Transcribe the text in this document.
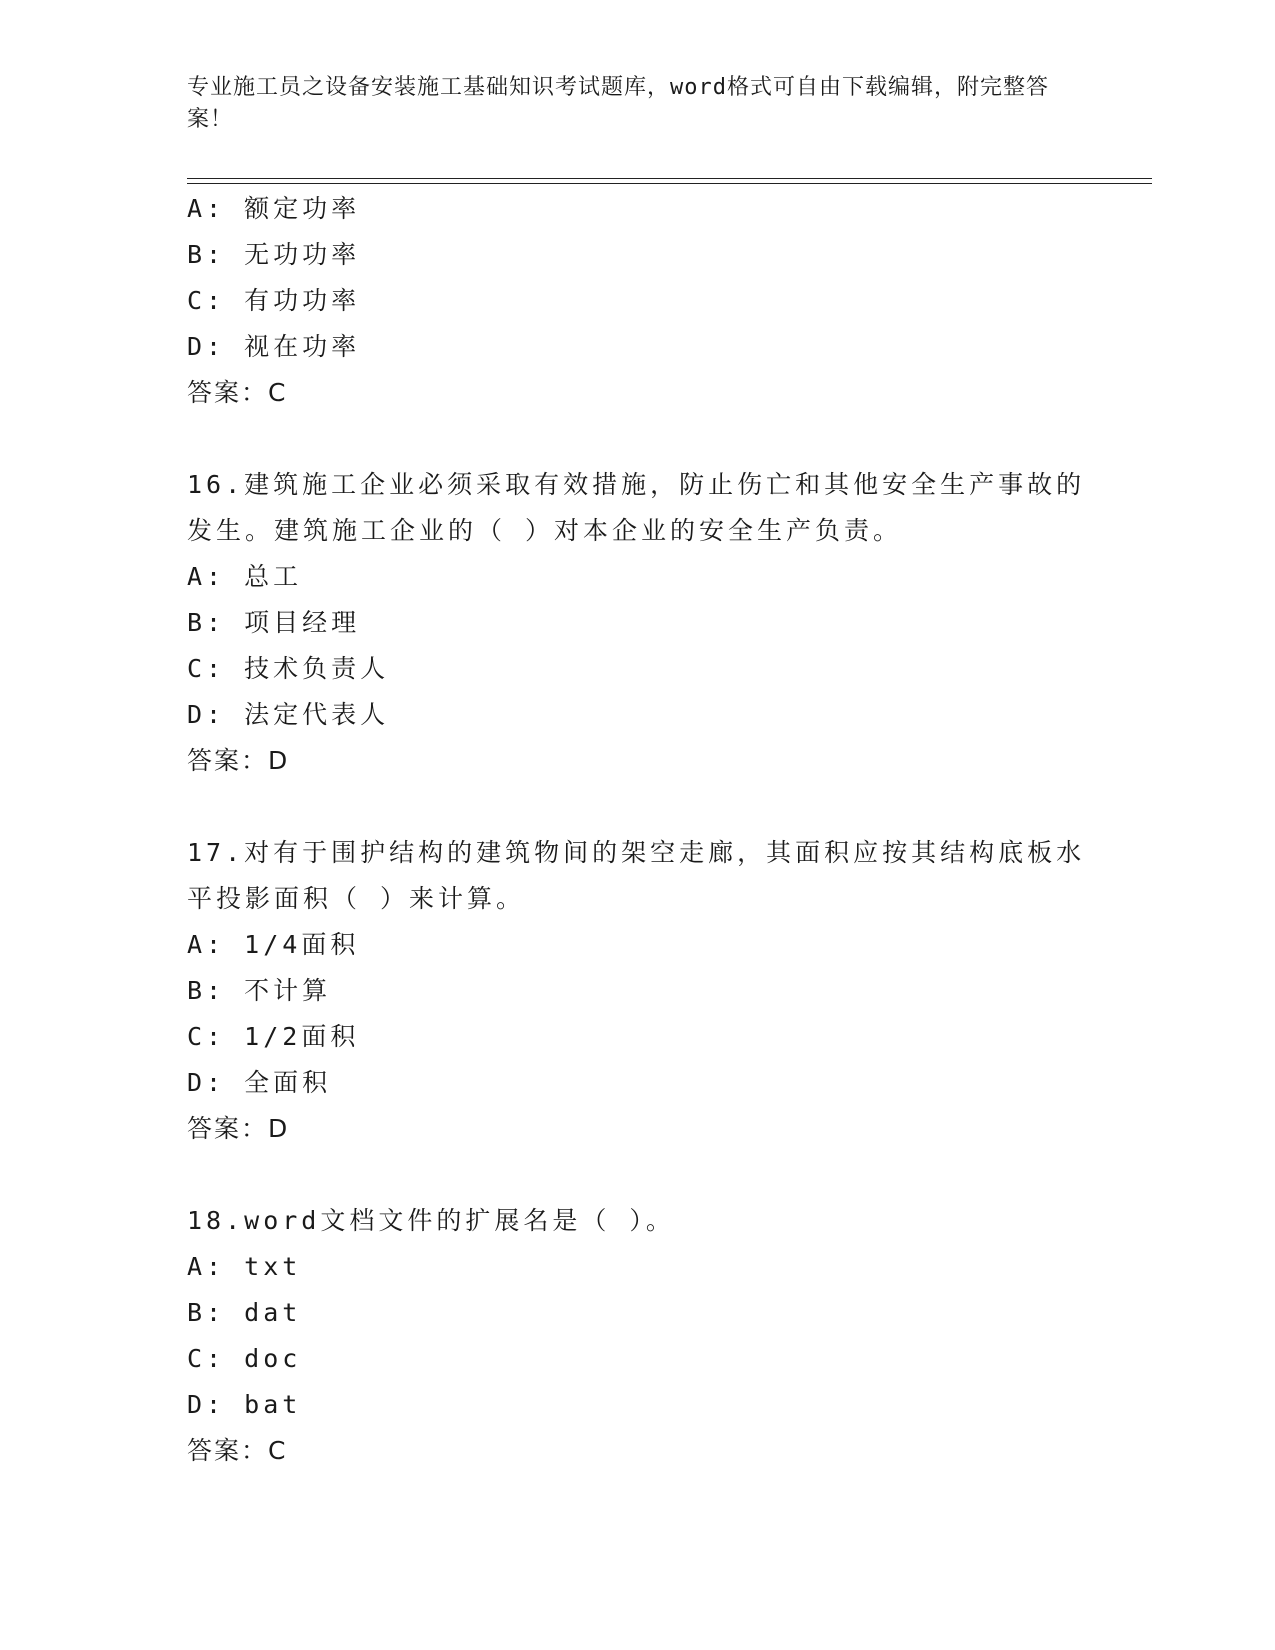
专业施工员之设备安装施工基础知识考试题库，word格式可自由下载编辑，附完整答案！
A: 额定功率
B: 无功功率
C: 有功功率
D: 视在功率
答案：C
16.建筑施工企业必须采取有效措施，防止伤亡和其他安全生产事故的发生。建筑施工企业的（ ）对本企业的安全生产负责。
A: 总工
B: 项目经理
C: 技术负责人
D: 法定代表人
答案：D
17.对有于围护结构的建筑物间的架空走廊，其面积应按其结构底板水平投影面积（ ）来计算。
A: 1/4面积
B: 不计算
C: 1/2面积
D: 全面积
答案：D
18.word文档文件的扩展名是（ ）。
A: txt
B: dat
C: doc
D: bat
答案：C
